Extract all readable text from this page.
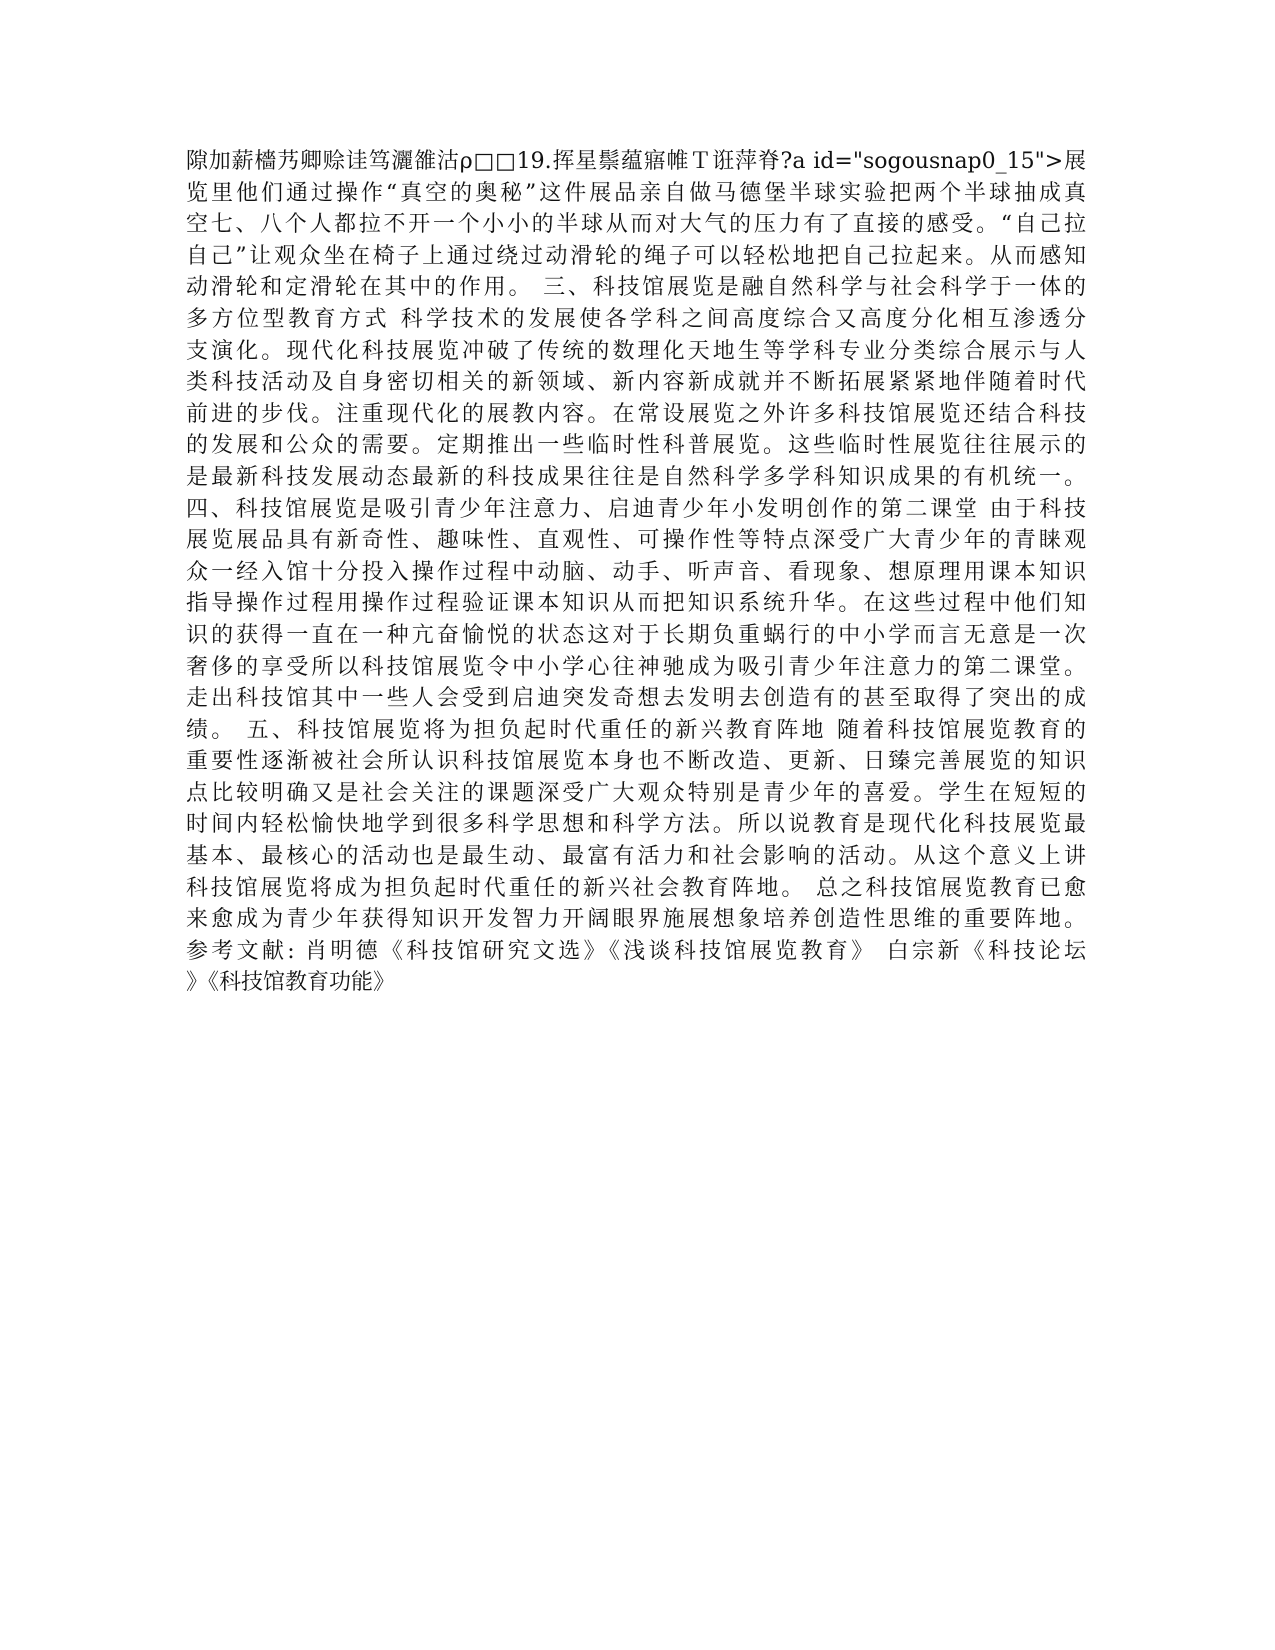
隙加薪檣艿卿赊诖笃灑雒沽ρ□□19.挥星鬃蕴寤帷Ｔ诳萍脊?a id="sogousnap0_15">展
览里他们通过操作“真空的奥秘”这件展品亲自做马德堡半球实验把两个半球抽成真
空七、八个人都拉不开一个小小的半球从而对大气的压力有了直接的感受。“自己拉
自己”让观众坐在椅子上通过绕过动滑轮的绳子可以轻松地把自己拉起来。从而感知
动滑轮和定滑轮在其中的作用。 三、科技馆展览是融自然科学与社会科学于一体的
多方位型教育方式 科学技术的发展使各学科之间高度综合又高度分化相互渗透分
支演化。现代化科技展览冲破了传统的数理化天地生等学科专业分类综合展示与人
类科技活动及自身密切相关的新领域、新内容新成就并不断拓展紧紧地伴随着时代
前进的步伐。注重现代化的展教内容。在常设展览之外许多科技馆展览还结合科技
的发展和公众的需要。定期推出一些临时性科普展览。这些临时性展览往往展示的
是最新科技发展动态最新的科技成果往往是自然科学多学科知识成果的有机统一。
四、科技馆展览是吸引青少年注意力、启迪青少年小发明创作的第二课堂 由于科技
展览展品具有新奇性、趣味性、直观性、可操作性等特点深受广大青少年的青睐观
众一经入馆十分投入操作过程中动脑、动手、听声音、看现象、想原理用课本知识
指导操作过程用操作过程验证课本知识从而把知识系统升华。在这些过程中他们知
识的获得一直在一种亢奋愉悦的状态这对于长期负重蜗行的中小学而言无意是一次
奢侈的享受所以科技馆展览令中小学心往神驰成为吸引青少年注意力的第二课堂。
走出科技馆其中一些人会受到启迪突发奇想去发明去创造有的甚至取得了突出的成
绩。 五、科技馆展览将为担负起时代重任的新兴教育阵地 随着科技馆展览教育的
重要性逐渐被社会所认识科技馆展览本身也不断改造、更新、日臻完善展览的知识
点比较明确又是社会关注的课题深受广大观众特别是青少年的喜爱。学生在短短的
时间内轻松愉快地学到很多科学思想和科学方法。所以说教育是现代化科技展览最
基本、最核心的活动也是最生动、最富有活力和社会影响的活动。从这个意义上讲
科技馆展览将成为担负起时代重任的新兴社会教育阵地。 总之科技馆展览教育已愈
来愈成为青少年获得知识开发智力开阔眼界施展想象培养创造性思维的重要阵地。
参考文献: 肖明德《科技馆研究文选》《浅谈科技馆展览教育》 白宗新《科技论坛
》《科技馆教育功能》
